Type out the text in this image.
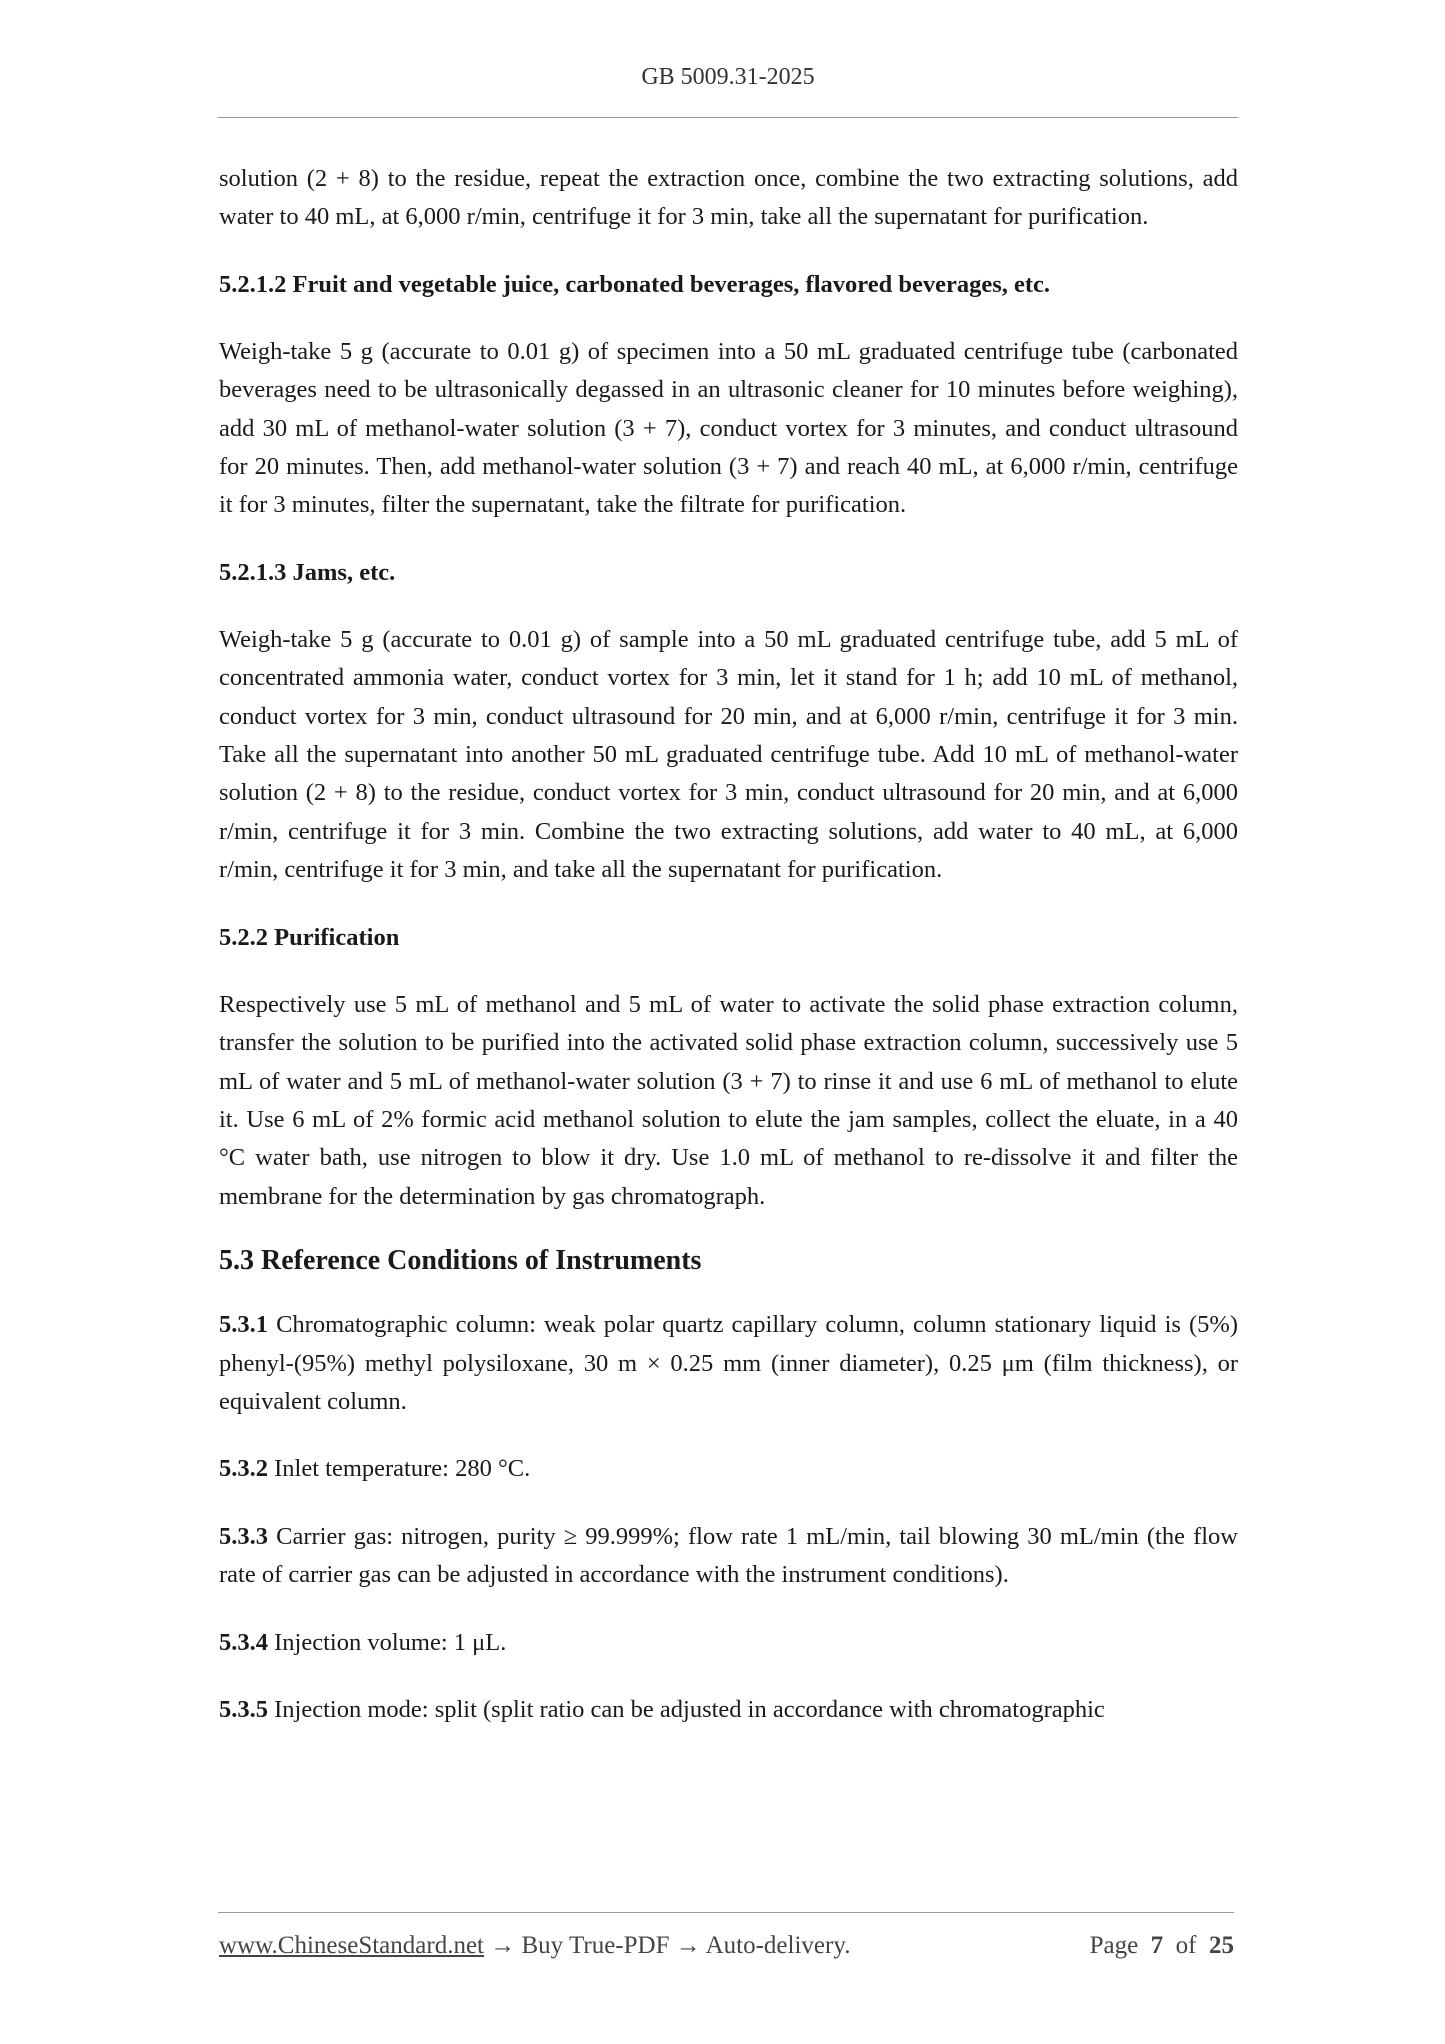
GB 5009.31-2025

solution (2 + 8) to the residue, repeat the extraction once, combine the two extracting solutions, add water to 40 mL, at 6,000 r/min, centrifuge it for 3 min, take all the supernatant for purification.

5.2.1.2 Fruit and vegetable juice, carbonated beverages, flavored beverages, etc.

Weigh-take 5 g (accurate to 0.01 g) of specimen into a 50 mL graduated centrifuge tube (carbonated beverages need to be ultrasonically degassed in an ultrasonic cleaner for 10 minutes before weighing), add 30 mL of methanol-water solution (3 + 7), conduct vortex for 3 minutes, and conduct ultrasound for 20 minutes. Then, add methanol-water solution (3 + 7) and reach 40 mL, at 6,000 r/min, centrifuge it for 3 minutes, filter the supernatant, take the filtrate for purification.

5.2.1.3 Jams, etc.

Weigh-take 5 g (accurate to 0.01 g) of sample into a 50 mL graduated centrifuge tube, add 5 mL of concentrated ammonia water, conduct vortex for 3 min, let it stand for 1 h; add 10 mL of methanol, conduct vortex for 3 min, conduct ultrasound for 20 min, and at 6,000 r/min, centrifuge it for 3 min. Take all the supernatant into another 50 mL graduated centrifuge tube. Add 10 mL of methanol-water solution (2 + 8) to the residue, conduct vortex for 3 min, conduct ultrasound for 20 min, and at 6,000 r/min, centrifuge it for 3 min. Combine the two extracting solutions, add water to 40 mL, at 6,000 r/min, centrifuge it for 3 min, and take all the supernatant for purification.

5.2.2 Purification

Respectively use 5 mL of methanol and 5 mL of water to activate the solid phase extraction column, transfer the solution to be purified into the activated solid phase extraction column, successively use 5 mL of water and 5 mL of methanol-water solution (3 + 7) to rinse it and use 6 mL of methanol to elute it. Use 6 mL of 2% formic acid methanol solution to elute the jam samples, collect the eluate, in a 40 °C water bath, use nitrogen to blow it dry. Use 1.0 mL of methanol to re-dissolve it and filter the membrane for the determination by gas chromatograph.

5.3 Reference Conditions of Instruments

5.3.1 Chromatographic column: weak polar quartz capillary column, column stationary liquid is (5%) phenyl-(95%) methyl polysiloxane, 30 m × 0.25 mm (inner diameter), 0.25 μm (film thickness), or equivalent column.

5.3.2 Inlet temperature: 280 °C.

5.3.3 Carrier gas: nitrogen, purity ≥ 99.999%; flow rate 1 mL/min, tail blowing 30 mL/min (the flow rate of carrier gas can be adjusted in accordance with the instrument conditions).

5.3.4 Injection volume: 1 μL.

5.3.5 Injection mode: split (split ratio can be adjusted in accordance with chromatographic

www.ChineseStandard.net → Buy True-PDF → Auto-delivery.	Page 7 of 25
